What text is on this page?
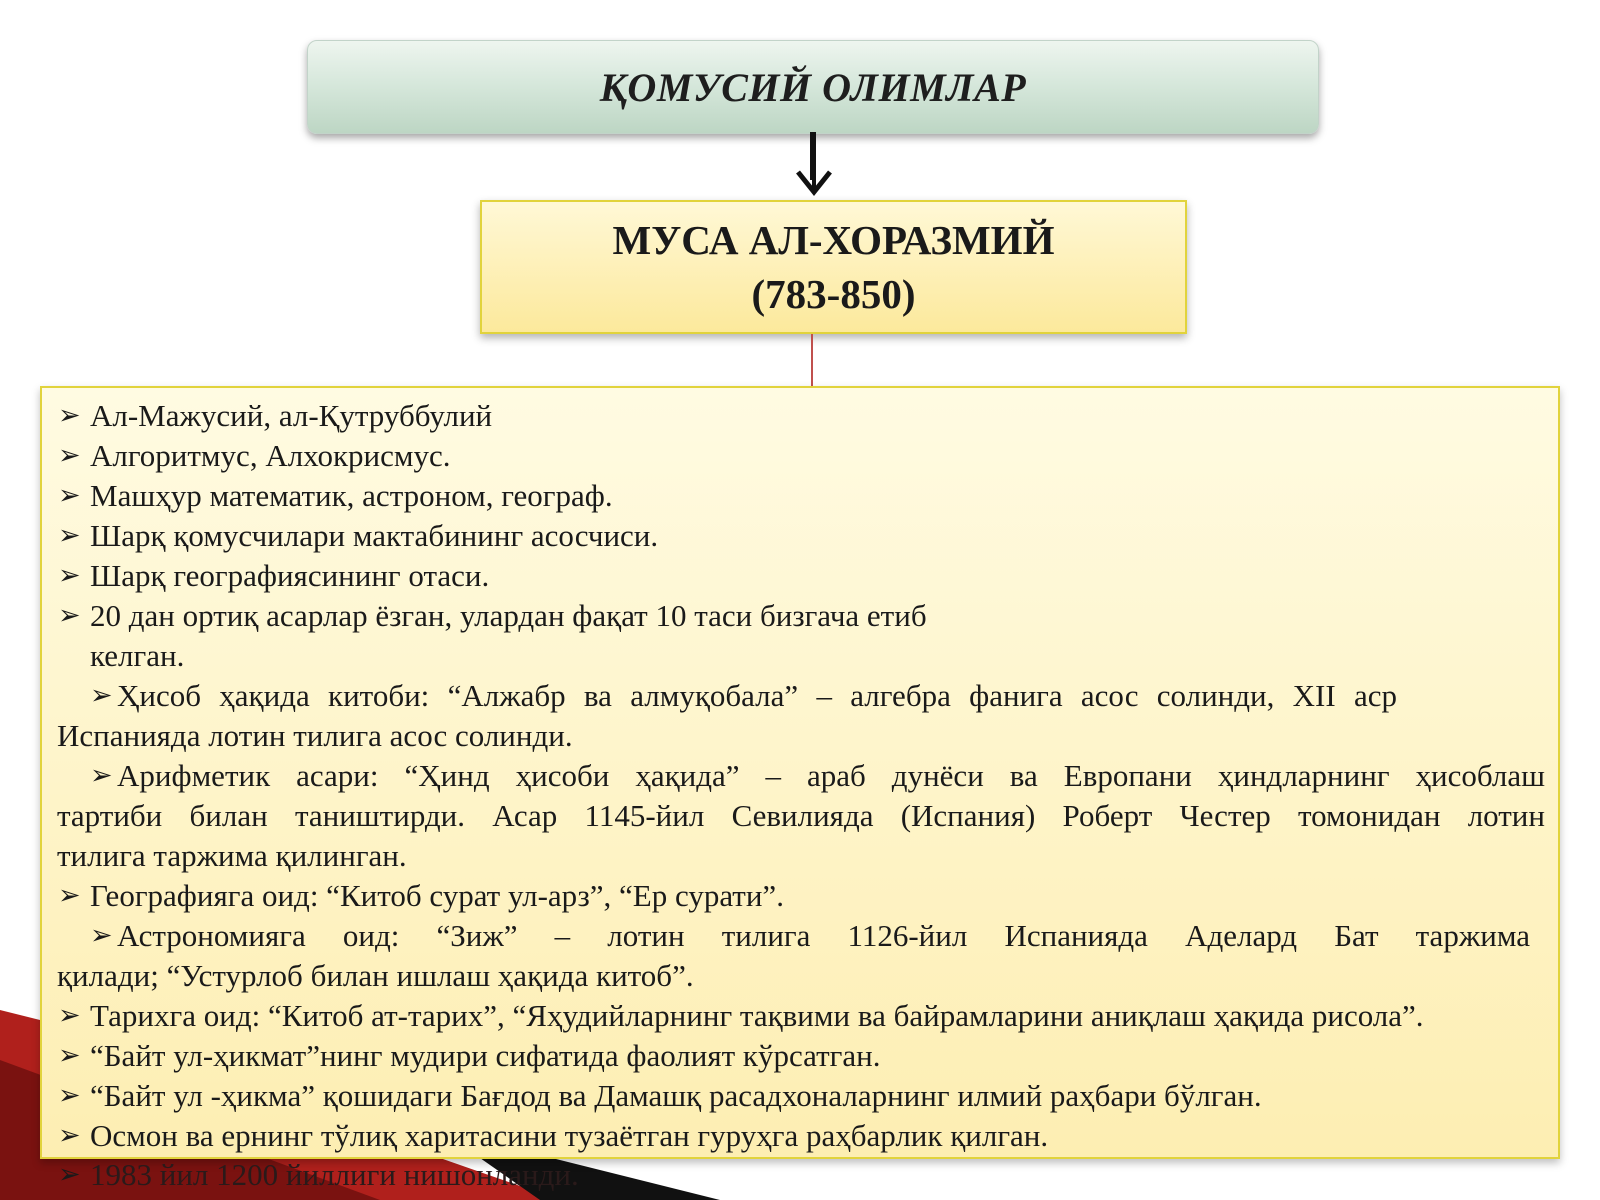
ҚОМУСИЙ ОЛИМЛАР
МУСА АЛ-ХОРАЗМИЙ
(783-850)
➢ Ал-Мажусий, ал-Қутруббулий
➢ Алгоритмус, Алхокрисмус.
➢ Машҳур математик, астроном, географ.
➢ Шарқ қомусчилари мактабининг асосчиси.
➢ Шарқ географиясининг отаси.
➢ 20 дан ортиқ асарлар ёзган, улардан фақат 10 таси бизгача етиб
келган.
➢ Ҳисоб ҳақида китоби: “Алжабр ва алмуқобала” – алгебра фанига асос солинди, XII аср
Испанияда лотин тилига асос солинди.
➢ Арифметик асари: “Ҳинд ҳисоби ҳақида” – араб дунёси ва Европани ҳиндларнинг ҳисоблаш
тартиби билан таништирди. Асар 1145-йил Севилияда (Испания) Роберт Честер томонидан лотин
тилига таржима қилинган.
➢ Географияга оид: “Китоб сурат ул-арз”, “Ер сурати”.
➢ Астрономияга оид: “Зиж” – лотин тилига 1126-йил Испанияда Аделард Бат таржима
қилади; “Устурлоб билан ишлаш ҳақида китоб”.
➢ Тарихга оид: “Китоб ат-тарих”, “Яҳудийларнинг тақвими ва байрамларини аниқлаш ҳақида рисола”.
➢ “Байт ул-ҳикмат”нинг мудири сифатида фаолият кўрсатган.
➢ “Байт ул -ҳикма” қошидаги Бағдод ва Дамашқ расадхоналарнинг илмий раҳбари бўлган.
➢ Осмон ва ернинг тўлиқ харитасини тузаётган гуруҳга раҳбарлик қилган.
➢ 1983 йил 1200 йиллиги нишонланди.
